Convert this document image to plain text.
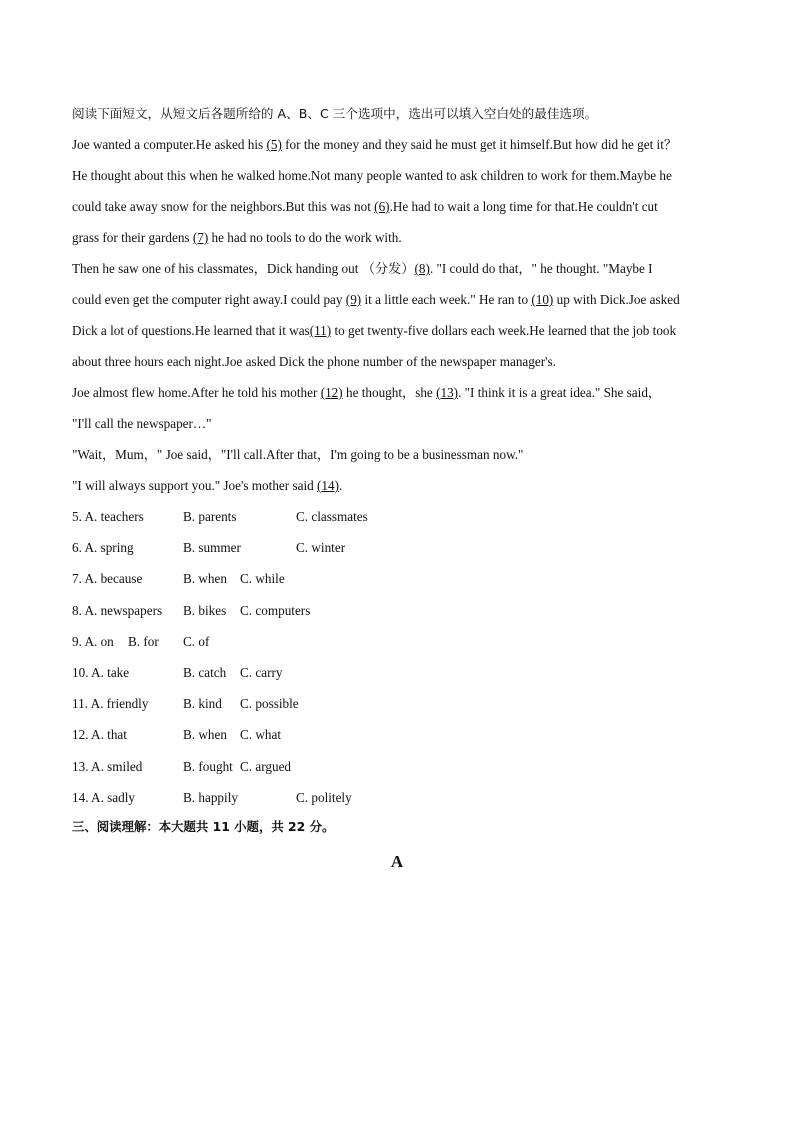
阅读下面短文，从短文后各题所给的 A、B、C 三个选项中，选出可以填入空白处的最佳选项。
Joe wanted a computer.He asked his (5) for the money and they said he must get it himself.But how did he get it？
He thought about this when he walked home.Not many people wanted to ask children to work for them.Maybe he
could take away snow for the neighbors.But this was not (6).He had to wait a long time for that.He couldn't cut
grass for their gardens (7) he had no tools to do the work with.
Then he saw one of his classmates，Dick handing out （分发）(8). "I could do that，" he thought. "Maybe I
could even get the computer right away.I could pay (9) it a little each week." He ran to (10) up with Dick.Joe asked
Dick a lot of questions.He learned that it was(11) to get twenty-five dollars each week.He learned that the job took
about three hours each night.Joe asked Dick the phone number of the newspaper manager's.
Joe almost flew home.After he told his mother (12) he thought，she (13). "I think it is a great idea." She said，
"I'll call the newspaper…"
"Wait，Mum，" Joe said，"I'll call.After that，I'm going to be a businessman now."
"I will always support you." Joe's mother said (14).
5. A. teachers	B. parents	C. classmates
6. A. spring	B. summer	C. winter
7. A. because	B. when C. while
8. A. newspapers B. bikes C. computers
9. A. on B. for C. of
10. A. take	B. catch C. carry
11. A. friendly	B. kind C. possible
12. A. that	B. when C. what
13. A. smiled	B. fought C. argued
14. A. sadly	B. happily	C. politely
三、阅读理解：本大题共 11 小题，共 22 分。
A
